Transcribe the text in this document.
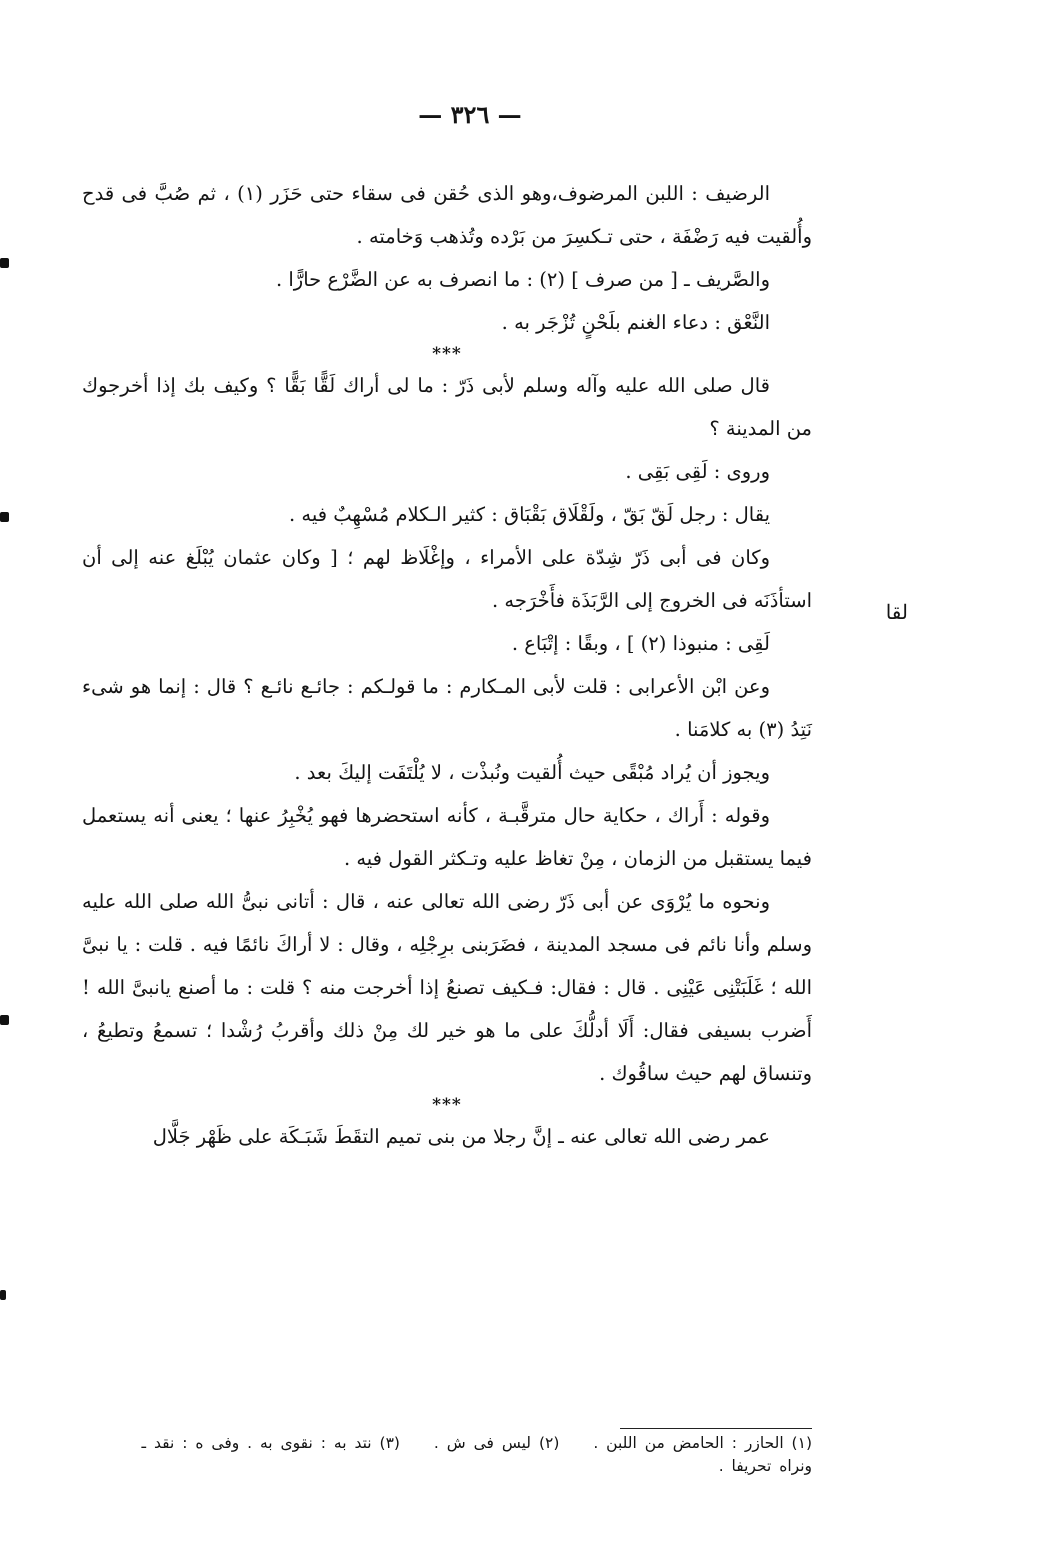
— ٣٢٦ —
لقا

الرضيف : اللبن المرضوف،وهو الذى حُقن فى سقاء حتى حَزَر (١) ، ثم صُبَّ فى قدح وأُلقيت فيه رَضْفَة ، حتى تـكسِرَ من بَرْده وتُذهب وَخامته .

والصَّريف ـ [ من صرف ] (٢) : ما انصرف به عن الضَّرْع حارًّا .

النَّعْق : دعاء الغنم بلَحْنٍ تُزْجَر به .

***

قال صلى الله عليه وآله وسلم لأبى ذَرّ : ما لى أراك لَقًّا بَقًّا ؟ وكيف بك إذا أخرجوك من المدينة ؟

وروى : لَقِى بَقِى .

يقال : رجل لَقّ بَقّ ، ولَقْلَاق بَقْبَاق : كثير الـكلام مُسْهِبٌ فيه .

وكان فى أبى ذَرّ شِدّة على الأمراء ، وإغْلَاظ لهم ؛ [ وكان عثمان يُبْلَغ عنه إلى أن استأذَنَه فى الخروج إلى الرَّبَذَة فأَخْرَجه .

لَقِى : منبوذا (٢) ] ، وبقًا : إتْبَاع .

وعن ابْن الأعرابى : قلت لأبى المـكارم : ما قولـكم : جائـع نائـع ؟ قال : إنما هو شىء نَتِدُ (٣) به كلامَنا .

ويجوز أن يُراد مُبْقًى حيث أُلقيت ونُبذْت ، لا يُلْتَفَت إليكَ بعد .

وقوله : أَراك ، حكاية حال مترقَّبـة ، كأنه استحضرها فهو يُخْبِرُ عنها ؛ يعنى أنه يستعمل فيما يستقبل من الزمان ، مِنْ تغاظ عليه وتـكثر القول فيه .

ونحوه ما يُرْوَى عن أبى ذَرّ رضى الله تعالى عنه ، قال : أتانى نبىُّ الله صلى الله عليه وسلم وأنا نائم فى مسجد المدينة ، فضَرَبنى برِجْلِه ، وقال : لا أراكَ نائمًا فيه . قلت : يا نبىَّ الله ؛ غَلَبَتْنِى عَيْنِى . قال : فقال: فـكيف تصنعُ إذا أخرجت منه ؟ قلت : ما أصنع يانبىَّ الله ! أَضرب بسيفى فقال: أَلَا أدلُّكَ على ما هو خير لك مِنْ ذلك وأقربُ رُشْدا ؛ تسمعُ وتطيعُ ، وتنساق لهم حيث ساقُوك .

***

عمر رضى الله تعالى عنه ـ إنَّ رجلا من بنى تميم التقَطَ شَبَـكَة على ظَهْر جَلَّال

(١) الحازر : الحامض من اللبن . (٢) ليس فى ش . (٣) نتد به : نقوى به . وفى ه : نقد ـ

ونراه تحريفا .
